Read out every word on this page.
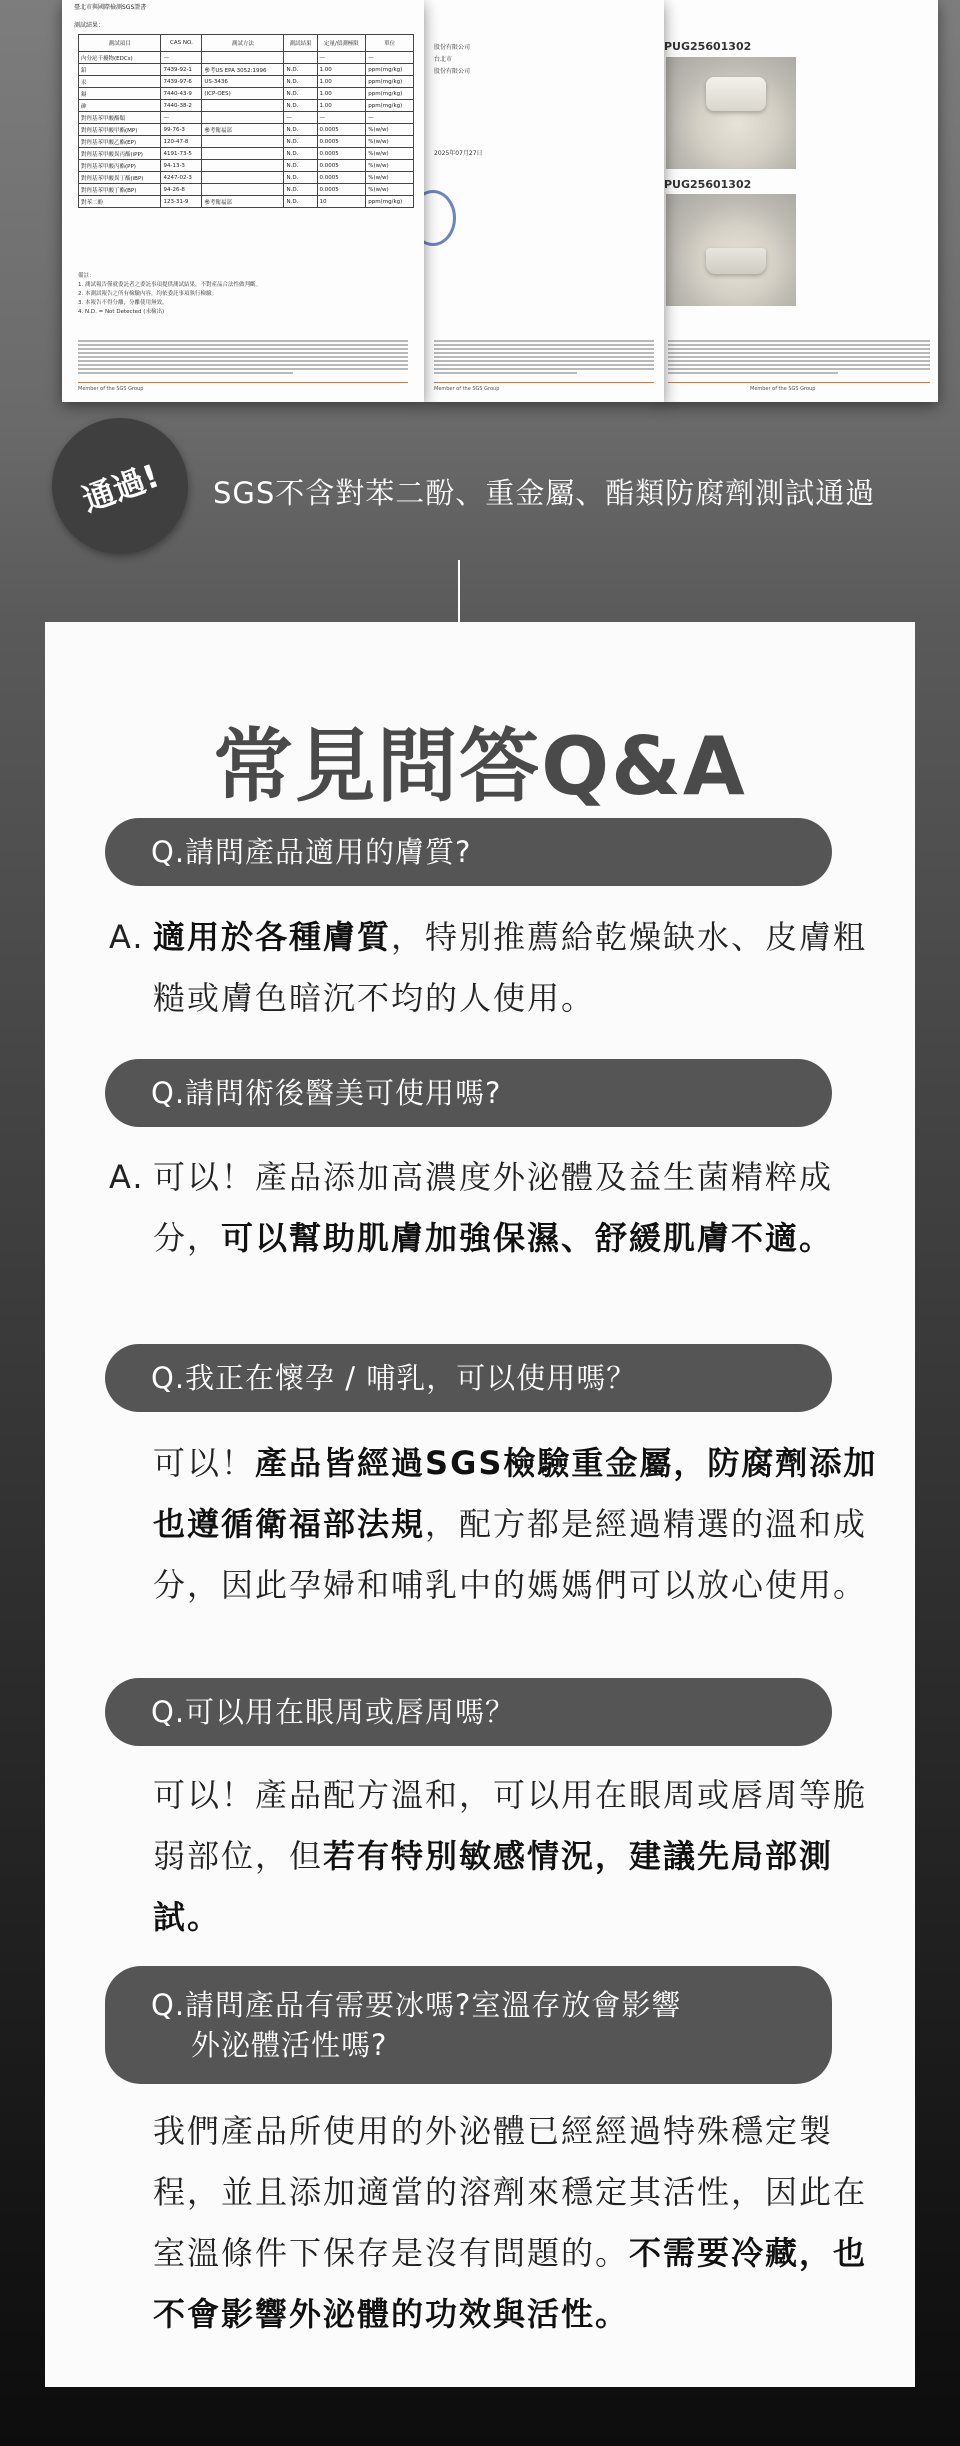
臺北市與國際檢測SGS證書
測試結果：
測試項目	CAS NO.	測試方法	測試結果	定量/偵測極限	單位
內分泌干擾物(EDCs)	—			—	—
鉛	7439-92-1	參考US EPA 3052:1996	N.D.	1.00	ppm(mg/kg)
汞	7439-97-6	US-3436	N.D.	1.00	ppm(mg/kg)
鎘	7440-43-9	(ICP-OES)	N.D.	1.00	ppm(mg/kg)
砷	7440-38-2		N.D.	1.00	ppm(mg/kg)
對羥基苯甲酸酯類	—		—	—	—
對羥基苯甲酸甲酯(MP)	99-76-3	參考衛福部	N.D.	0.0005	%(w/w)
對羥基苯甲酸乙酯(EP)	120-47-8		N.D.	0.0005	%(w/w)
對羥基苯甲酸異丙酯(iPP)	4191-73-5		N.D.	0.0005	%(w/w)
對羥基苯甲酸丙酯(PP)	94-13-3		N.D.	0.0005	%(w/w)
對羥基苯甲酸異丁酯(iBP)	4247-02-3		N.D.	0.0005	%(w/w)
對羥基苯甲酸丁酯(BP)	94-26-8		N.D.	0.0005	%(w/w)
對苯二酚	123-31-9	參考衛福部	N.D.	10	ppm(mg/kg)
備註：
1. 測試報告僅就委託者之委託事項提供測試結果，不對產品合法性做判斷。
2. 本測試報告之所有檢驗內容，均依委託事項執行檢驗。
3. 本報告不得分離，分離使用無效。
4. N.D. = Not Detected (未檢出)
Member of the SGS Group
股份有限公司
台北市
股份有限公司
2025年07月27日
Member of the SGS Group
PUG25601302
PUG25601302
Member of the SGS Group
通過!	SGS不含對苯二酚、重金屬、酯類防腐劑測試通過
常見問答Q&A
Q.請問產品適用的膚質?
A. 適用於各種膚質，特別推薦給乾燥缺水、皮膚粗糙或膚色暗沉不均的人使用。
Q.請問術後醫美可使用嗎?
A. 可以！產品添加高濃度外泌體及益生菌精粹成分，可以幫助肌膚加強保濕、舒緩肌膚不適。
Q.我正在懷孕 / 哺乳，可以使用嗎？
可以！產品皆經過SGS檢驗重金屬，防腐劑添加也遵循衛福部法規，配方都是經過精選的溫和成分，因此孕婦和哺乳中的媽媽們可以放心使用。
Q.可以用在眼周或唇周嗎？
可以！產品配方溫和，可以用在眼周或唇周等脆弱部位，但若有特別敏感情況，建議先局部測試。
Q.請問產品有需要冰嗎?室溫存放會影響
外泌體活性嗎?
我們產品所使用的外泌體已經經過特殊穩定製程，並且添加適當的溶劑來穩定其活性，因此在室溫條件下保存是沒有問題的。不需要冷藏，也不會影響外泌體的功效與活性。
